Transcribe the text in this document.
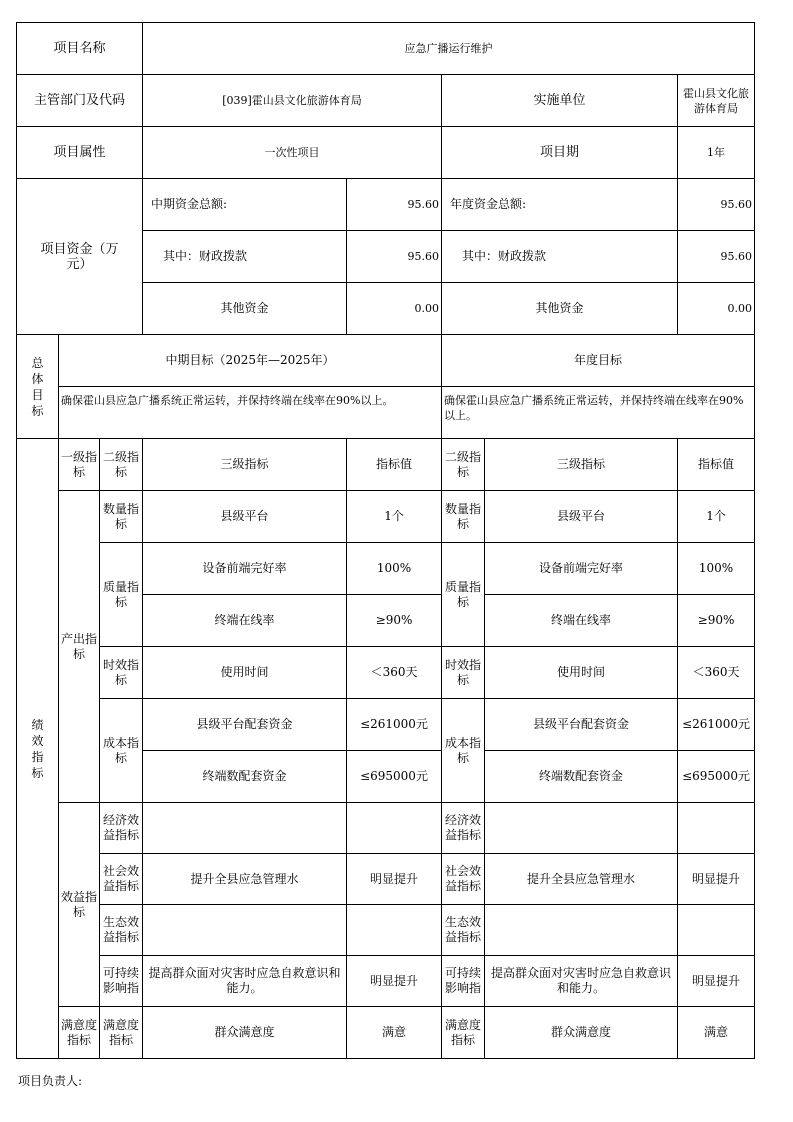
项目名称			应急广播运行维护				
主管部门及代码			[039]霍山县文化旅游体育局		实施单位		霍山县文化旅游体育局
项目属性			一次性项目		项目期		1年

项目资金（万元）			中期资金总额:	95.60	年度资金总额:		95.60
			其中：财政拨款	95.60	其中：财政拨款		95.60
			其他资金	0.00	其他资金		0.00

总体目标	中期目标（2025年—2025年）				年度目标		
	确保霍山县应急广播系统正常运转，并保持终端在线率在90%以上。				确保霍山县应急广播系统正常运转，并保持终端在线率在90%以上。		

绩效指标	一级指标	二级指标	三级指标	指标值	二级指标	三级指标	指标值
	产出指标	数量指标	县级平台	1个	数量指标	县级平台	1个
		质量指标	设备前端完好率	100%	质量指标	设备前端完好率	100%
			终端在线率	≥90%		终端在线率	≥90%
		时效指标	使用时间	＜360天	时效指标	使用时间	＜360天
		成本指标	县级平台配套资金	≤261000元	成本指标	县级平台配套资金	≤261000元
			终端数配套资金	≤695000元		终端数配套资金	≤695000元
	效益指标	经济效益指标			经济效益指标		
		社会效益指标	提升全县应急管理水	明显提升	社会效益指标	提升全县应急管理水	明显提升
		生态效益指标			生态效益指标		
		可持续影响指	提高群众面对灾害时应急自救意识和能力。	明显提升	可持续影响指	提高群众面对灾害时应急自救意识和能力。	明显提升
	满意度指标	满意度指标	群众满意度	满意	满意度指标	群众满意度	满意
项目负责人:
